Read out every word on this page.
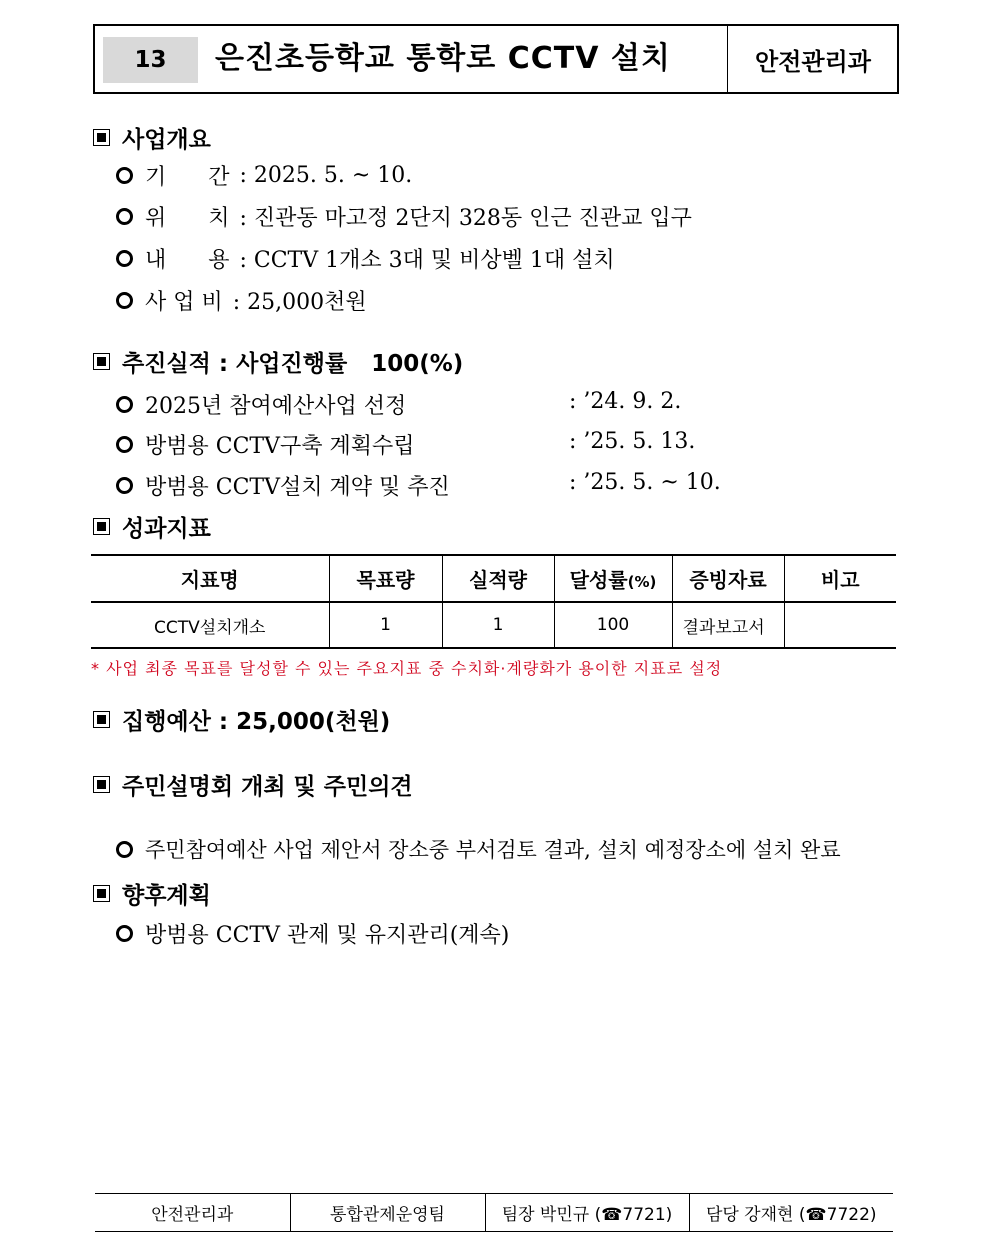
13	은진초등학교 통학로 CCTV 설치	안전관리과
사업개요
기      간 : 2025. 5. ~ 10.
위      치 : 진관동 마고정 2단지 328동 인근 진관교 입구
내      용 : CCTV 1개소 3대 및 비상벨 1대 설치
사 업 비 : 25,000천원
추진실적 : 사업진행률   100(%)
2025년 참여예산사업 선정	: ’24. 9. 2.
방범용 CCTV구축 계획수립	: ’25. 5. 13.
방범용 CCTV설치 계약 및 추진	: ’25. 5. ~ 10.
성과지표
지표명	목표량	실적량	달성률(%)	증빙자료	비고
CCTV설치개소	1	1	100	결과보고서	
* 사업 최종 목표를 달성할 수 있는 주요지표 중 수치화·계량화가 용이한 지표로 설정
집행예산 : 25,000(천원)
주민설명회 개최 및 주민의견
주민참여예산 사업 제안서 장소중 부서검토 결과, 설치 예정장소에 설치 완료
향후계획
방범용 CCTV 관제 및 유지관리(계속)
안전관리과	통합관제운영팀	팀장 박민규 (☎7721)	담당 강재현 (☎7722)
